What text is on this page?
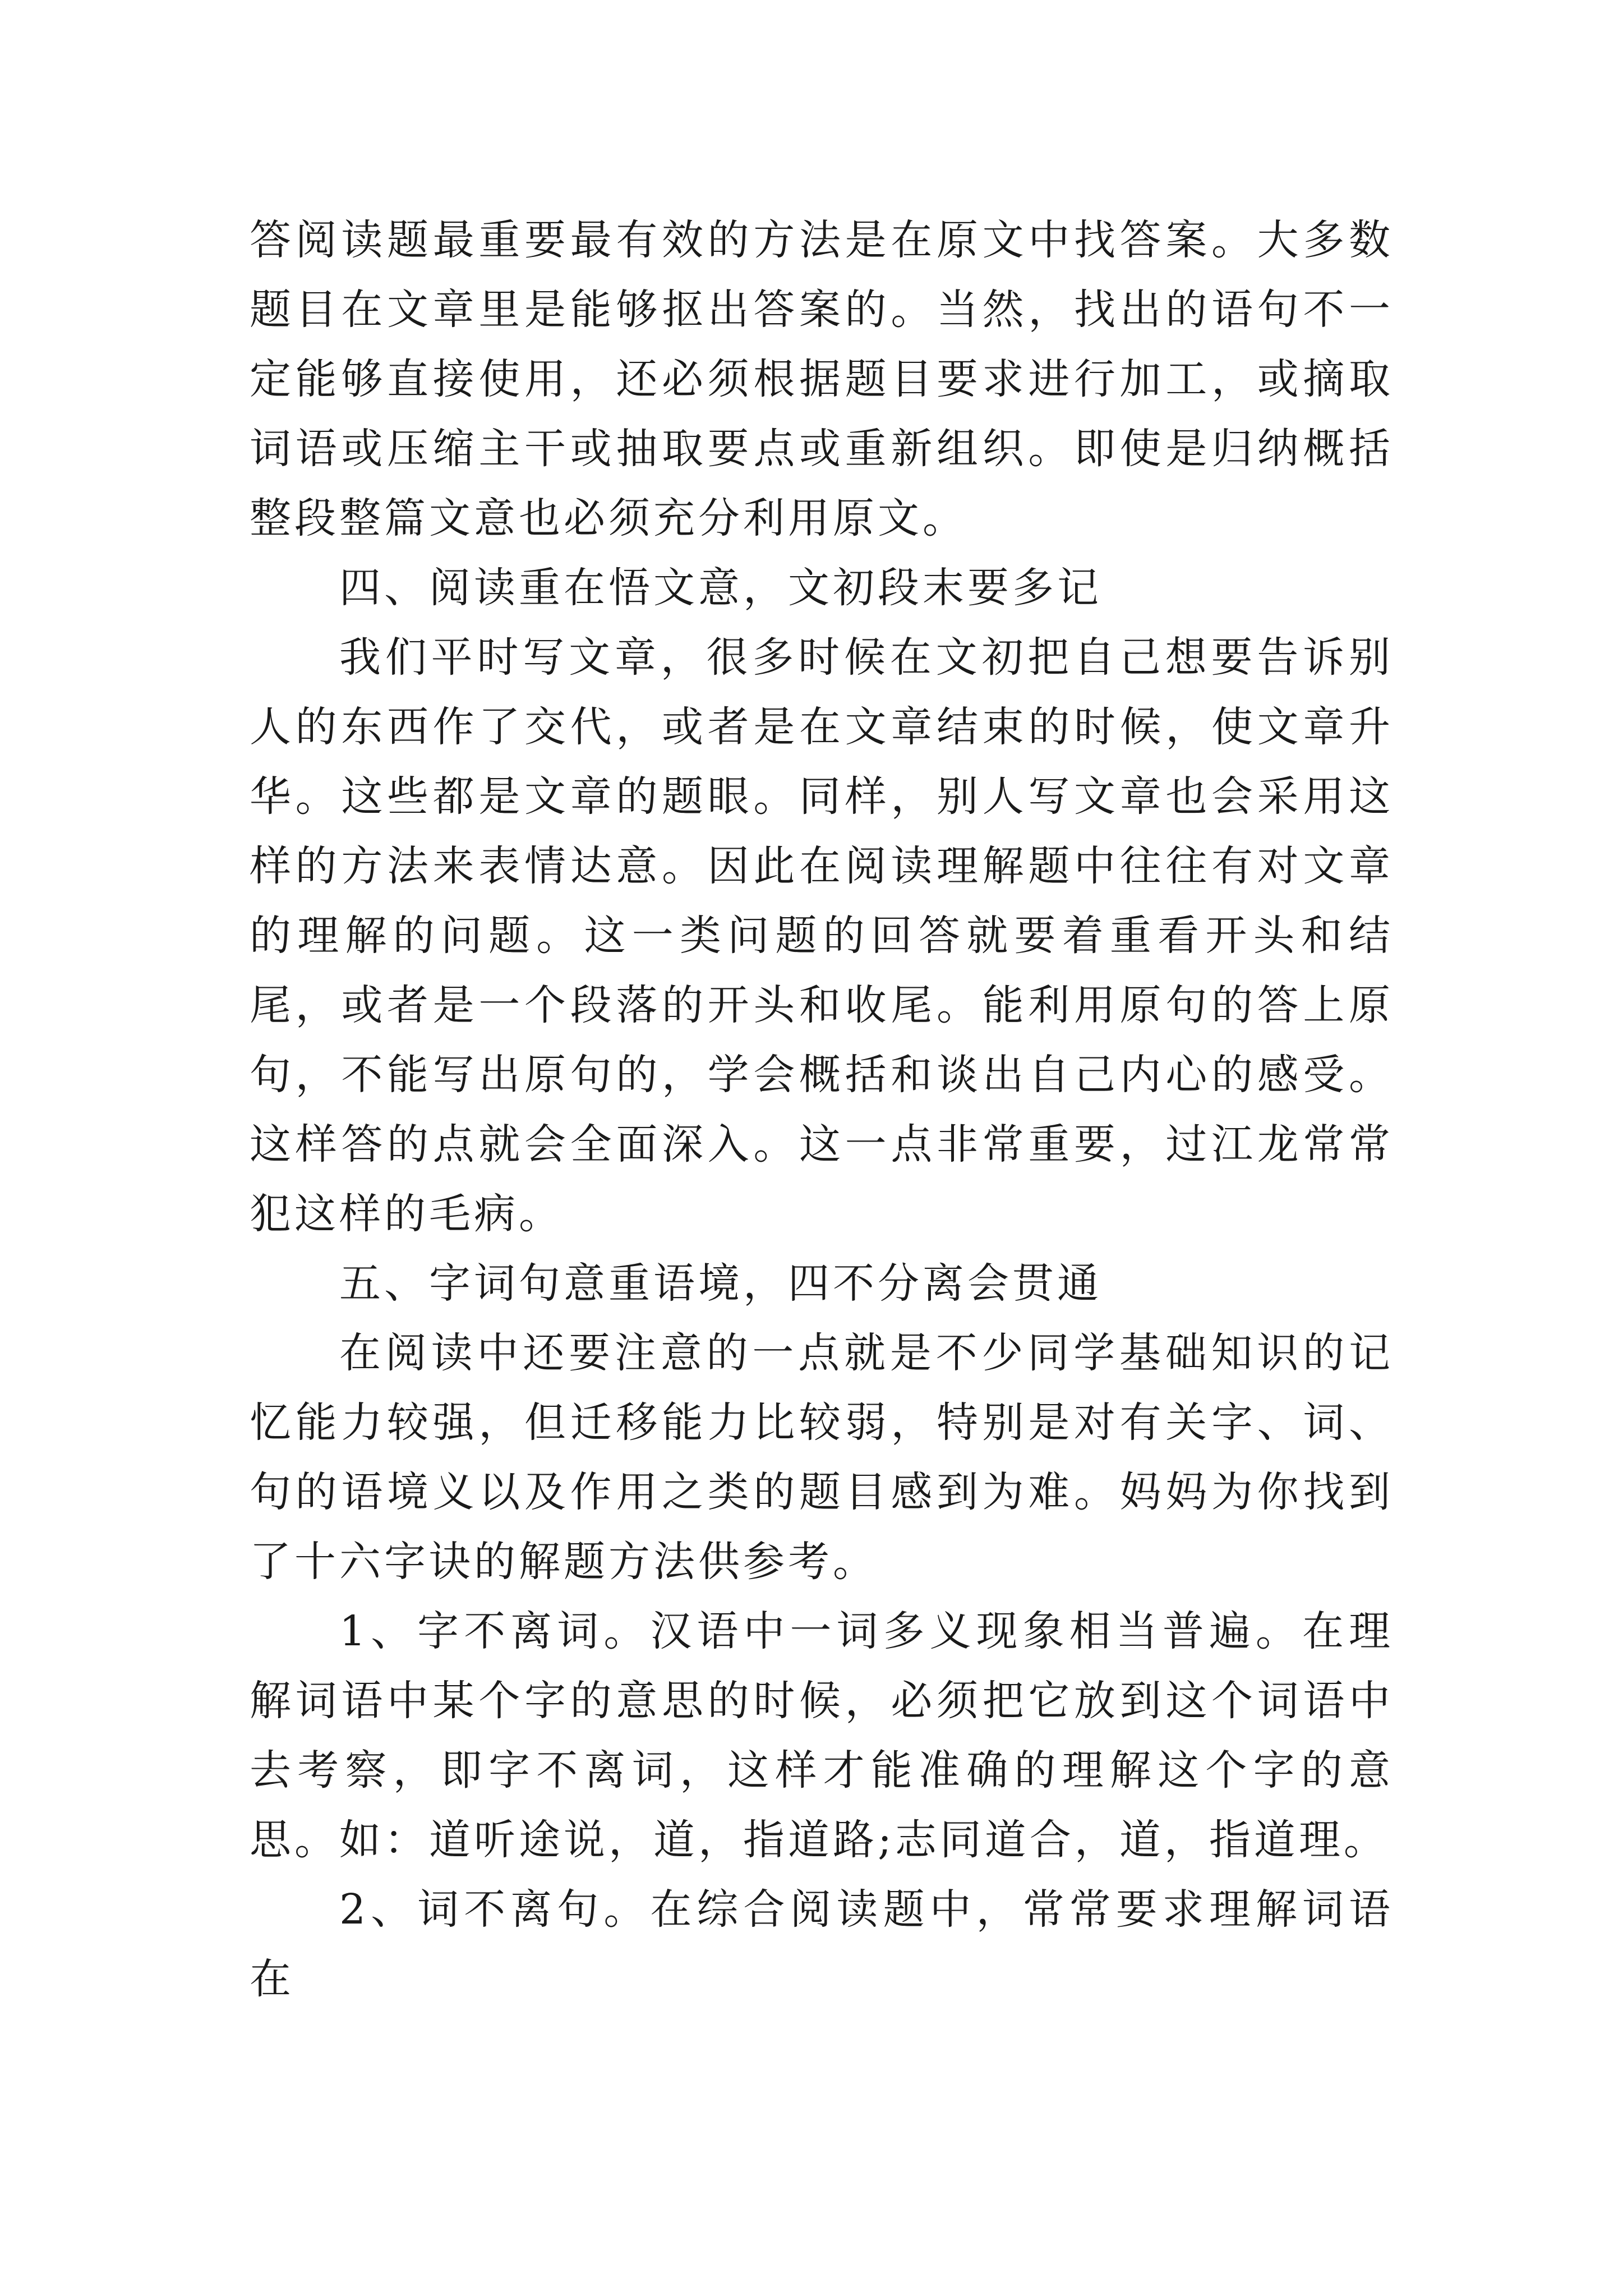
答阅读题最重要最有效的方法是在原文中找答案。大多数题目在文章里是能够抠出答案的。当然，找出的语句不一定能够直接使用，还必须根据题目要求进行加工，或摘取词语或压缩主干或抽取要点或重新组织。即使是归纳概括整段整篇文意也必须充分利用原文。

四、阅读重在悟文意，文初段末要多记

我们平时写文章，很多时候在文初把自己想要告诉别人的东西作了交代，或者是在文章结束的时候，使文章升华。这些都是文章的题眼。同样，别人写文章也会采用这样的方法来表情达意。因此在阅读理解题中往往有对文章的理解的问题。这一类问题的回答就要着重看开头和结尾，或者是一个段落的开头和收尾。能利用原句的答上原句，不能写出原句的，学会概括和谈出自己内心的感受。这样答的点就会全面深入。这一点非常重要，过江龙常常犯这样的毛病。

五、字词句意重语境，四不分离会贯通

在阅读中还要注意的一点就是不少同学基础知识的记忆能力较强，但迁移能力比较弱，特别是对有关字、词、句的语境义以及作用之类的题目感到为难。妈妈为你找到了十六字诀的解题方法供参考。

1、字不离词。汉语中一词多义现象相当普遍。在理解词语中某个字的意思的时候，必须把它放到这个词语中去考察，即字不离词，这样才能准确的理解这个字的意思。如：道听途说，道，指道路;志同道合，道，指道理。

2、词不离句。在综合阅读题中，常常要求理解词语在
